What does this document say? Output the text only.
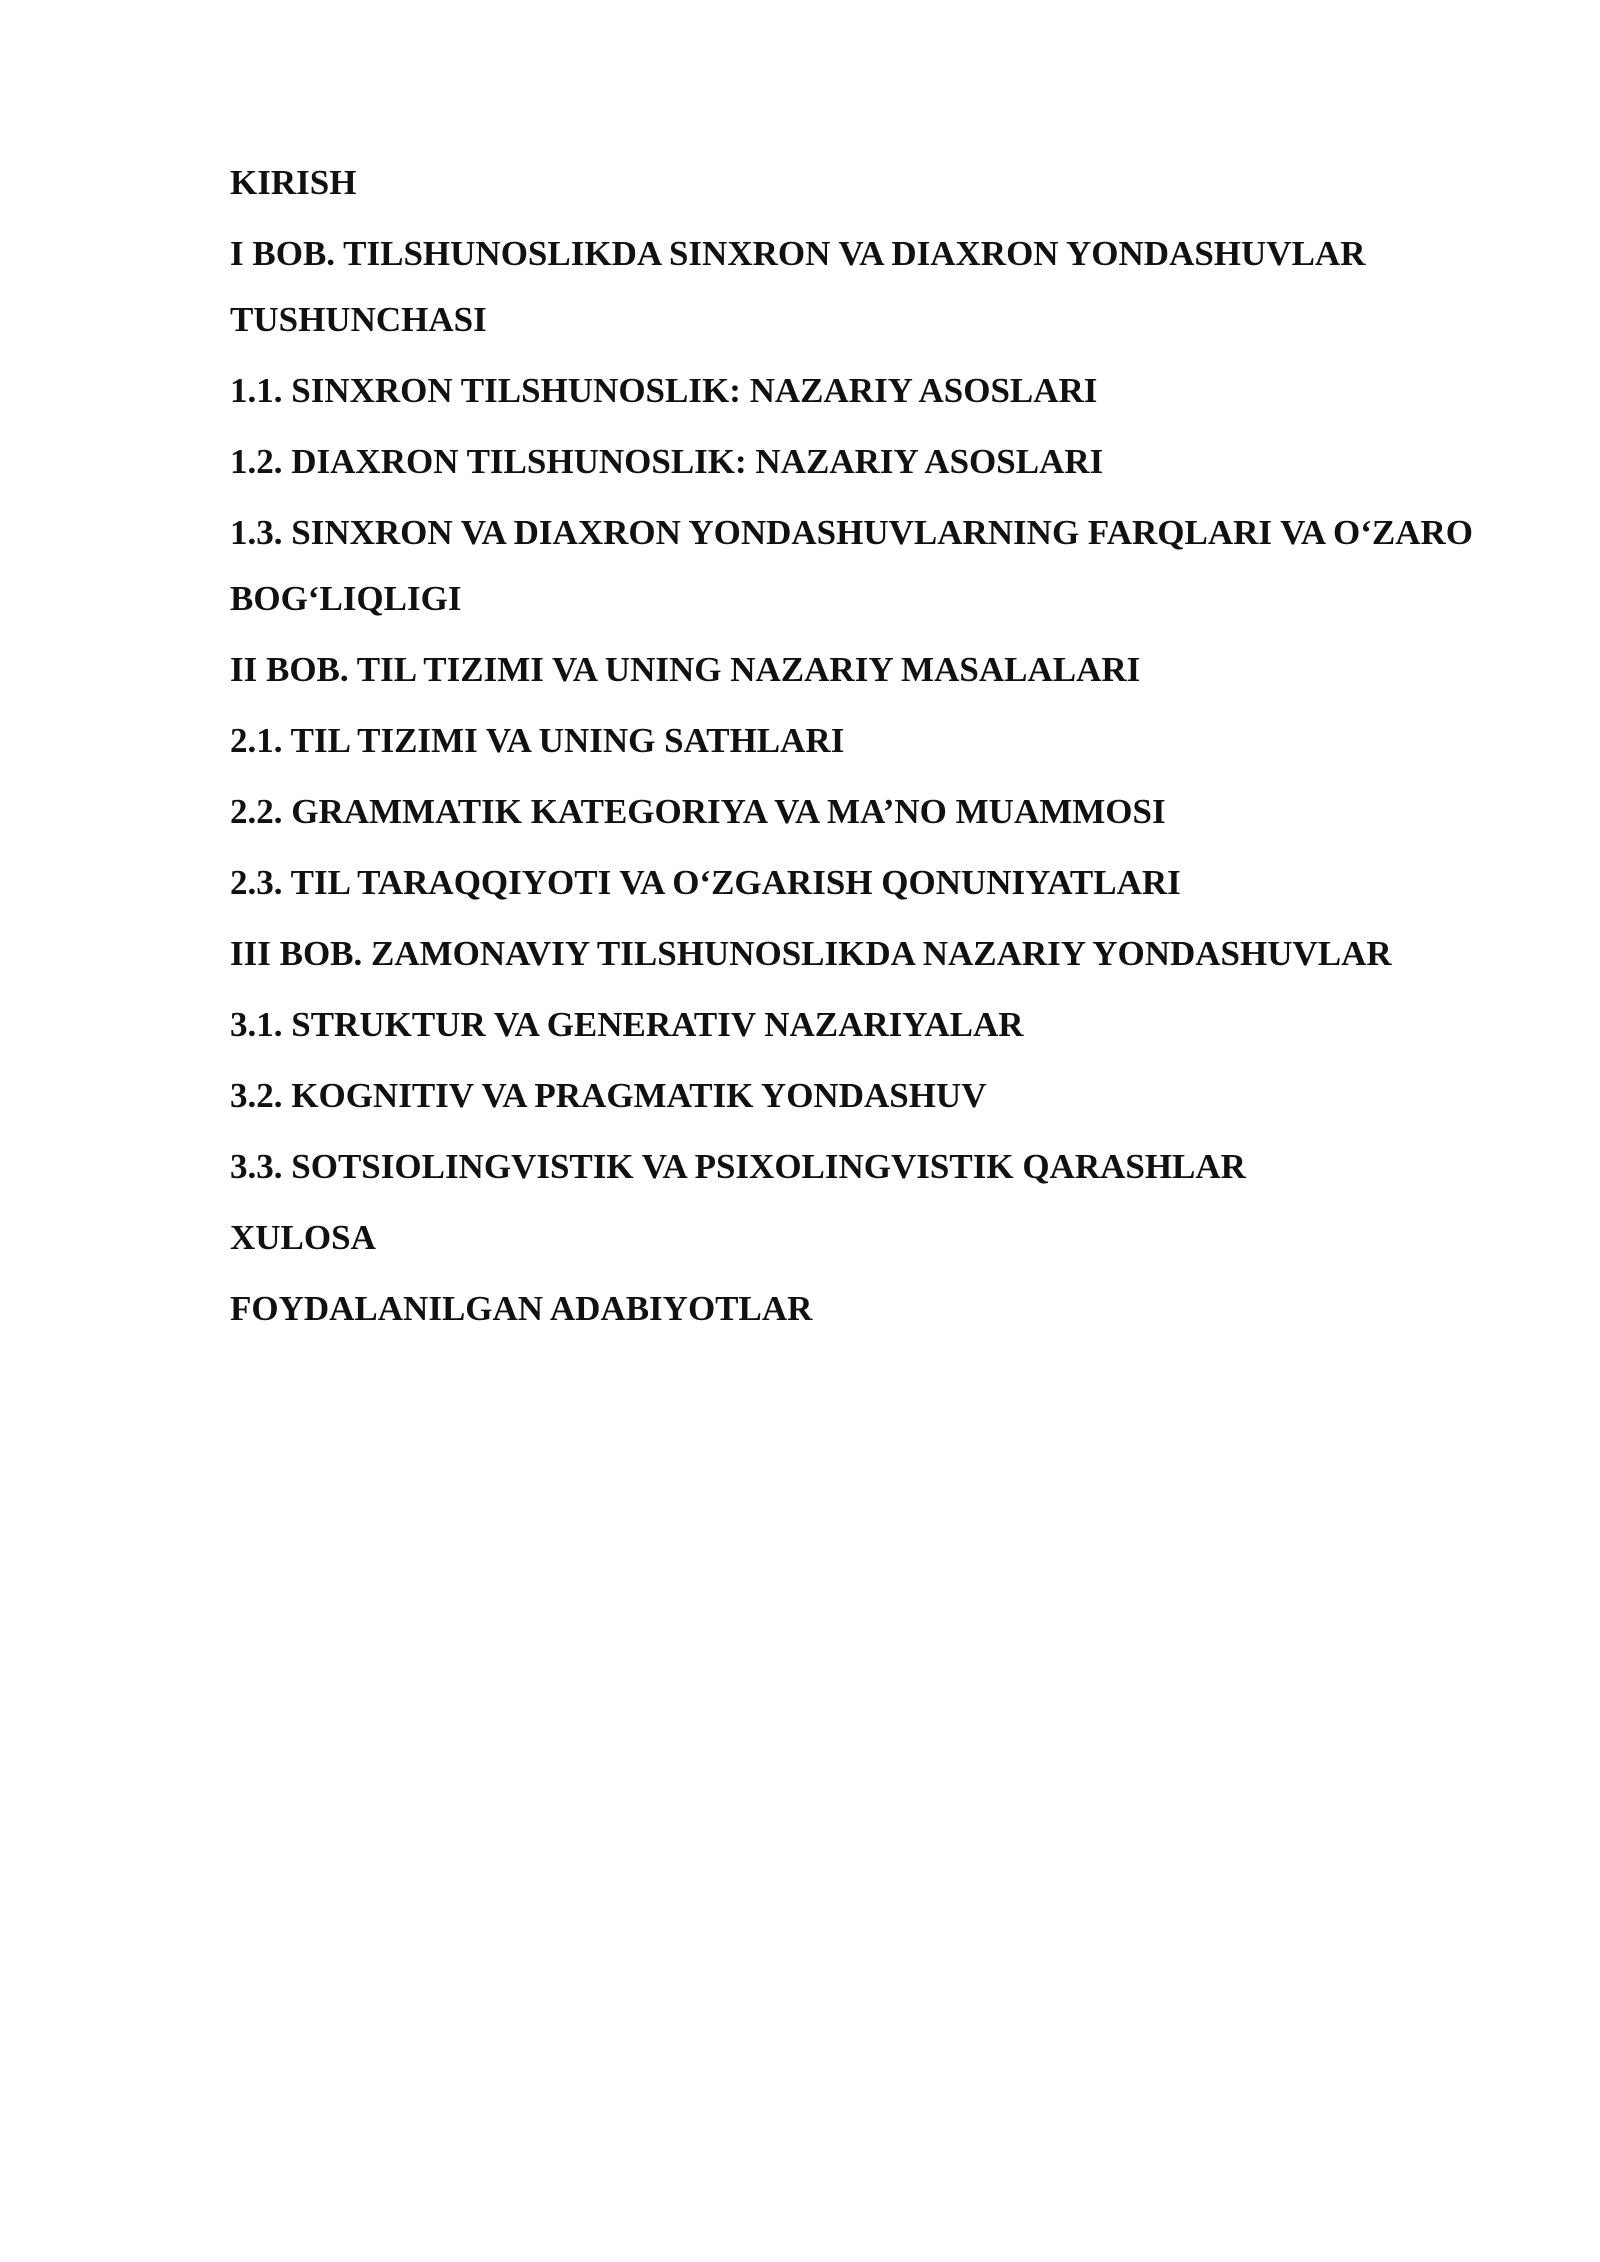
KIRISH
I BOB. TILSHUNOSLIKDA SINXRON VA DIAXRON YONDASHUVLAR TUSHUNCHASI
1.1. SINXRON TILSHUNOSLIK: NAZARIY ASOSLARI
1.2. DIAXRON TILSHUNOSLIK: NAZARIY ASOSLARI
1.3. SINXRON VA DIAXRON YONDASHUVLARNING FARQLARI VA O‘ZARO BOG‘LIQLIGI
II BOB. TIL TIZIMI VA UNING NAZARIY MASALALARI
2.1. TIL TIZIMI VA UNING SATHLARI
2.2. GRAMMATIK KATEGORIYA VA MA’NO MUAMMOSI
2.3. TIL TARAQQIYOTI VA O‘ZGARISH QONUNIYATLARI
III BOB. ZAMONAVIY TILSHUNOSLIKDA NAZARIY YONDASHUVLAR
3.1. STRUKTUR VA GENERATIV NAZARIYALAR
3.2. KOGNITIV VA PRAGMATIK YONDASHUV
3.3. SOTSIOLINGVISTIK VA PSIXOLINGVISTIK QARASHLAR
XULOSA
FOYDALANILGAN ADABIYOTLAR
